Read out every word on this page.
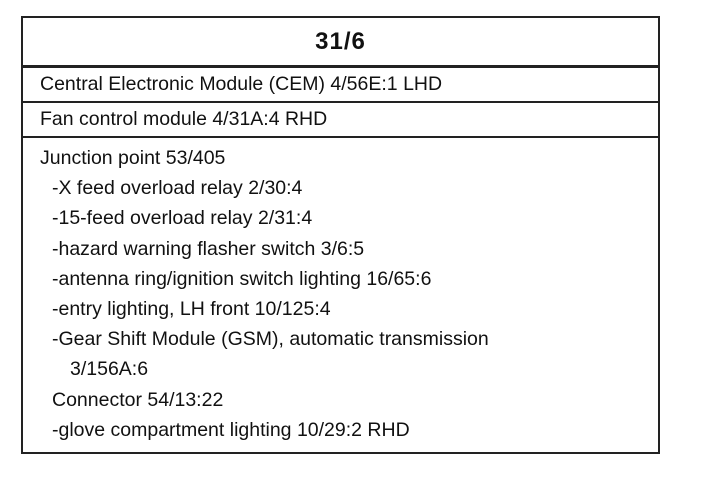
31/6
Central Electronic Module (CEM) 4/56E:1 LHD
Fan control module 4/31A:4 RHD
Junction point 53/405
-X feed overload relay 2/30:4
-15-feed overload relay 2/31:4
-hazard warning flasher switch 3/6:5
-antenna ring/ignition switch lighting 16/65:6
-entry lighting, LH front 10/125:4
-Gear Shift Module (GSM), automatic transmission
3/156A:6
Connector 54/13:22
-glove compartment lighting 10/29:2 RHD
